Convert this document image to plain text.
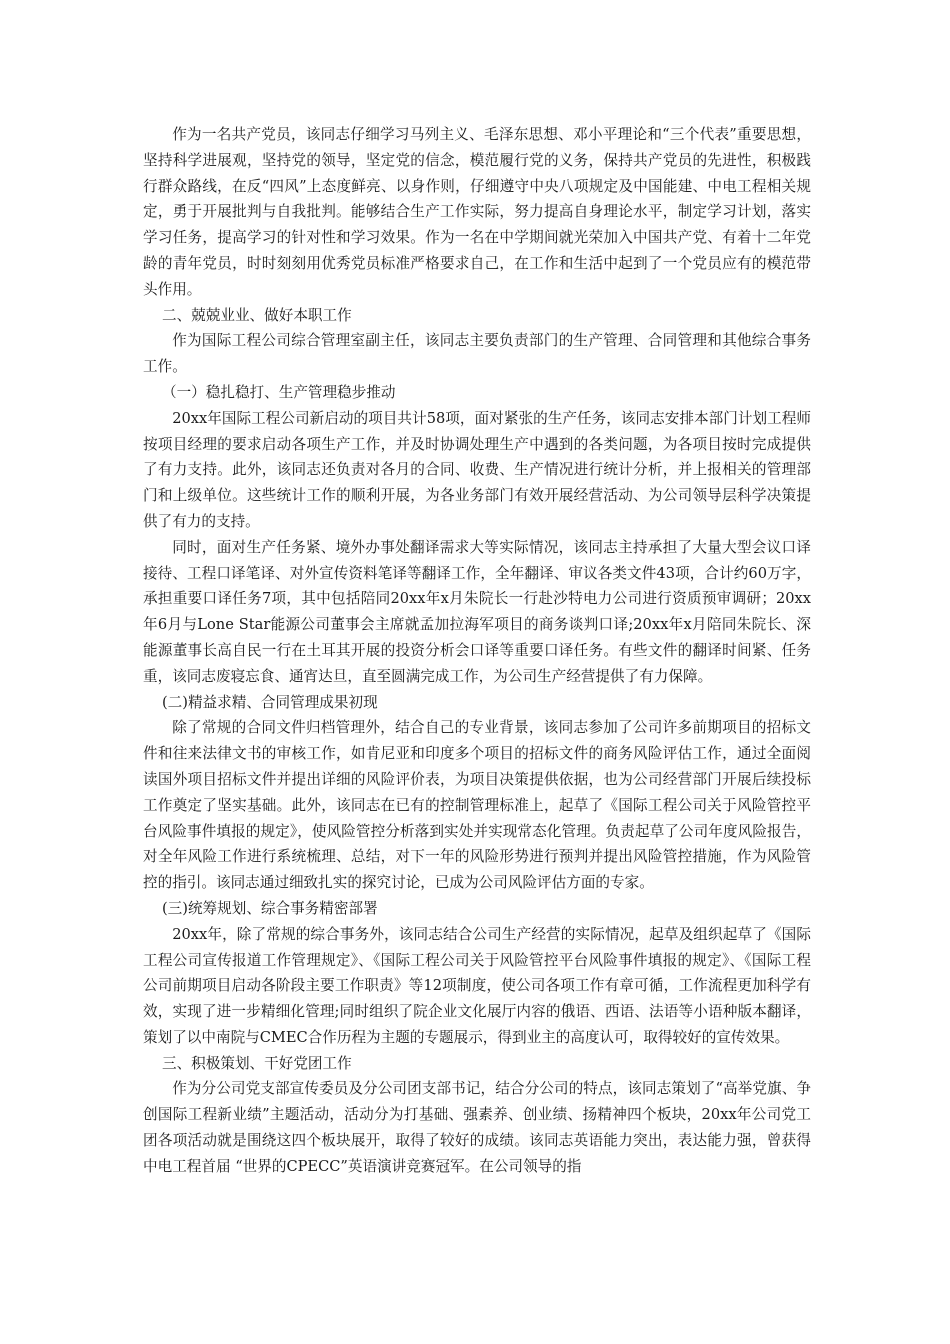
作为一名共产党员，该同志仔细学习马列主义、毛泽东思想、邓小平理论和“三个代表”重要思想，坚持科学进展观，坚持党的领导，坚定党的信念，模范履行党的义务，保持共产党员的先进性，积极践行群众路线，在反“四风”上态度鲜亮、以身作则，仔细遵守中央八项规定及中国能建、中电工程相关规定，勇于开展批判与自我批判。能够结合生产工作实际，努力提高自身理论水平，制定学习计划，落实学习任务，提高学习的针对性和学习效果。作为一名在中学期间就光荣加入中国共产党、有着十二年党龄的青年党员，时时刻刻用优秀党员标准严格要求自己，在工作和生活中起到了一个党员应有的模范带头作用。

二、兢兢业业、做好本职工作

作为国际工程公司综合管理室副主任，该同志主要负责部门的生产管理、合同管理和其他综合事务工作。

（一）稳扎稳打、生产管理稳步推动

20xx年国际工程公司新启动的项目共计58项，面对紧张的生产任务，该同志安排本部门计划工程师按项目经理的要求启动各项生产工作，并及时协调处理生产中遇到的各类问题，为各项目按时完成提供了有力支持。此外，该同志还负责对各月的合同、收费、生产情况进行统计分析，并上报相关的管理部门和上级单位。这些统计工作的顺利开展，为各业务部门有效开展经营活动、为公司领导层科学决策提供了有力的支持。

同时，面对生产任务紧、境外办事处翻译需求大等实际情况，该同志主持承担了大量大型会议口译接待、工程口译笔译、对外宣传资料笔译等翻译工作，全年翻译、审议各类文件43项，合计约60万字，承担重要口译任务7项，其中包括陪同20xx年x月朱院长一行赴沙特电力公司进行资质预审调研；20xx年6月与Lone Star能源公司董事会主席就孟加拉海军项目的商务谈判口译;20xx年x月陪同朱院长、深能源董事长高自民一行在土耳其开展的投资分析会口译等重要口译任务。有些文件的翻译时间紧、任务重，该同志废寝忘食、通宵达旦，直至圆满完成工作，为公司生产经营提供了有力保障。

(二)精益求精、合同管理成果初现

除了常规的合同文件归档管理外，结合自己的专业背景，该同志参加了公司许多前期项目的招标文件和往来法律文书的审核工作，如肯尼亚和印度多个项目的招标文件的商务风险评估工作，通过全面阅读国外项目招标文件并提出详细的风险评价表，为项目决策提供依据，也为公司经营部门开展后续投标工作奠定了坚实基础。此外，该同志在已有的控制管理标准上，起草了《国际工程公司关于风险管控平台风险事件填报的规定》，使风险管控分析落到实处并实现常态化管理。负责起草了公司年度风险报告，对全年风险工作进行系统梳理、总结，对下一年的风险形势进行预判并提出风险管控措施，作为风险管控的指引。该同志通过细致扎实的探究讨论，已成为公司风险评估方面的专家。

(三)统筹规划、综合事务精密部署

20xx年，除了常规的综合事务外，该同志结合公司生产经营的实际情况，起草及组织起草了《国际工程公司宣传报道工作管理规定》、《国际工程公司关于风险管控平台风险事件填报的规定》、《国际工程公司前期项目启动各阶段主要工作职责》等12项制度，使公司各项工作有章可循，工作流程更加科学有效，实现了进一步精细化管理;同时组织了院企业文化展厅内容的俄语、西语、法语等小语种版本翻译，策划了以中南院与CMEC合作历程为主题的专题展示，得到业主的高度认可，取得较好的宣传效果。

三、积极策划、干好党团工作

作为分公司党支部宣传委员及分公司团支部书记，结合分公司的特点，该同志策划了“高举党旗、争创国际工程新业绩”主题活动，活动分为打基础、强素养、创业绩、扬精神四个板块，20xx年公司党工团各项活动就是围绕这四个板块展开，取得了较好的成绩。该同志英语能力突出，表达能力强，曾获得中电工程首届 “世界的CPECC”英语演讲竞赛冠军。在公司领导的指
